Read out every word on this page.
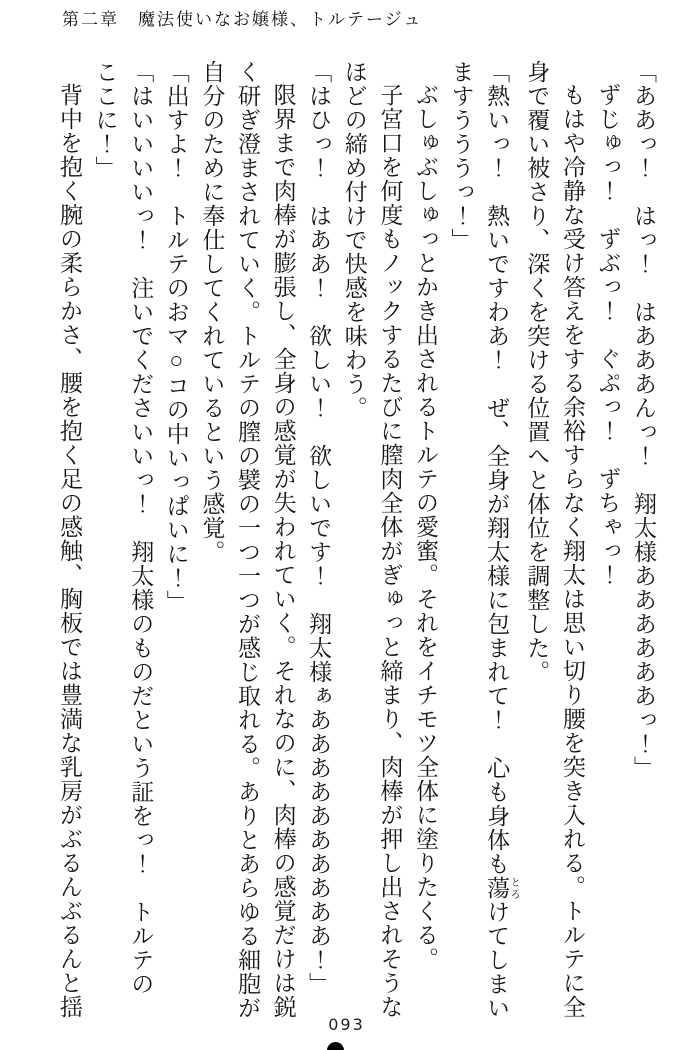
第二章　魔法使いなお嬢様、トルテージュ

「ああっ！　はっ！　はあああんっ！　翔太様ああああああっ！」

ずじゅっ！　ずぶっ！　ぐぷっ！　ずちゃっ！

もはや冷静な受け答えをする余裕すらなく翔太は思い切り腰を突き入れる。トルテに全

身で覆い被さり、深くを突ける位置へと体位を調整した。

「熱いっ！　熱いですわあ！　ぜ、全身が翔太様に包まれて！　心も身体も蕩 とろけてしまい

ますうううっ！」

ぶしゅぶしゅっとかき出されるトルテの愛蜜。それをイチモツ全体に塗りたくる。

子宮口を何度もノックするたびに膣肉全体がぎゅっと締まり、肉棒が押し出されそうな

ほどの締め付けで快感を味わう。

「はひっ！　はああ！　欲しい！　欲しいです！　翔太様ぁああああああああああ！」

限界まで肉棒が膨張し、全身の感覚が失われていく。それなのに、肉棒の感覚だけは鋭

く研ぎ澄まされていく。トルテの膣の襞の一つ一つが感じ取れる。ありとあらゆる細胞が

自分のために奉仕してくれているという感覚。

「出すよ！　トルテのおマ○コの中いっぱいに！」

「はいいいいっ！　注いでくださいいっ！　翔太様のものだという証をっ！　トルテの

ここに！」

背中を抱く腕の柔らかさ、腰を抱く足の感触、胸板では豊満な乳房がぶるんぶるんと揺

093
